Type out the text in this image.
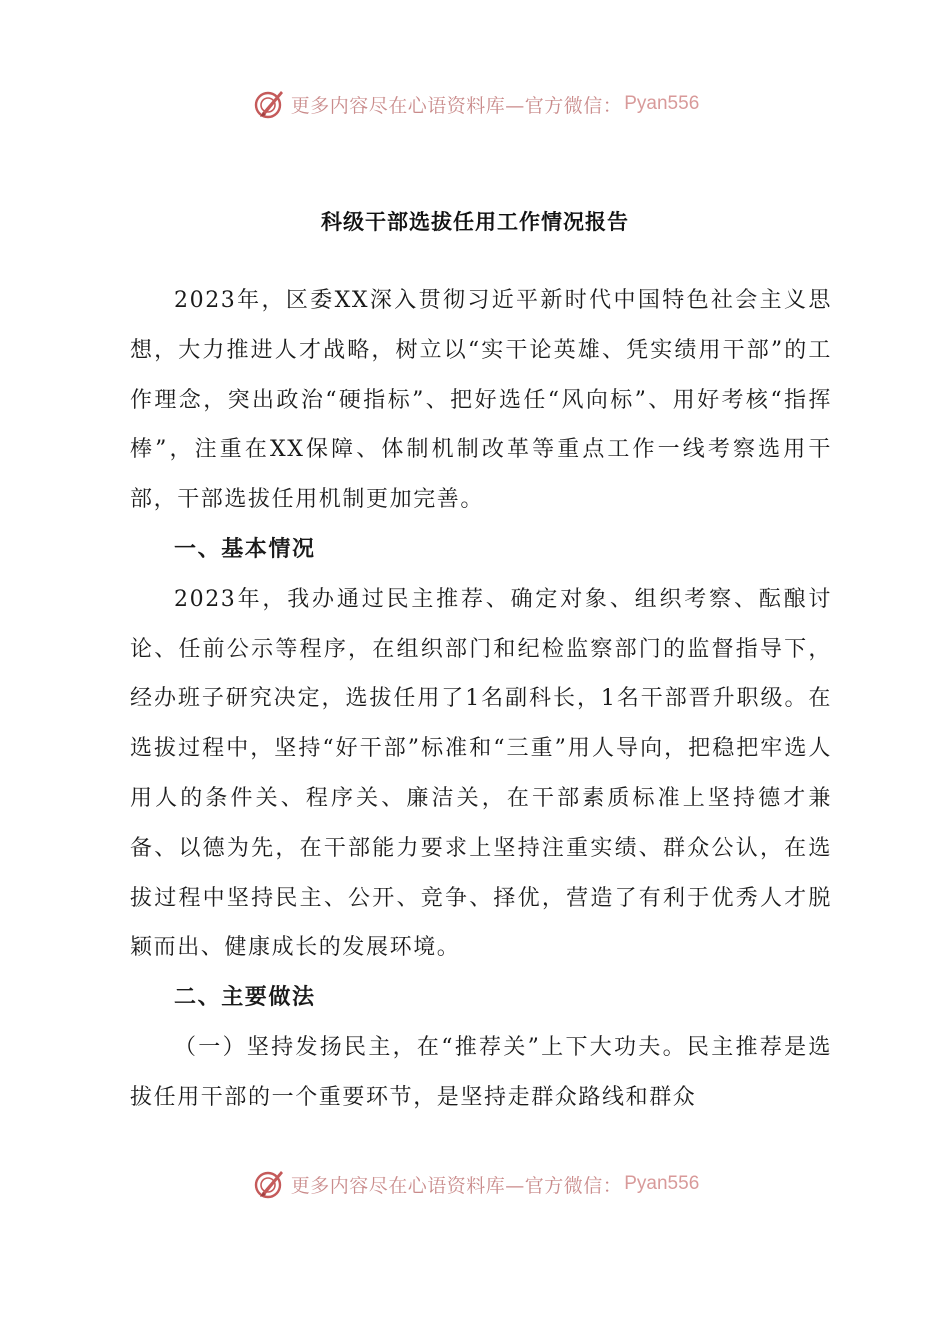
更多内容尽在心语资料库—官方微信： Pyan556
科级干部选拔任用工作情况报告

2023年，区委XX深入贯彻习近平新时代中国特色社会主义思想，大力推进人才战略，树立以“实干论英雄、凭实绩用干部”的工作理念，突出政治“硬指标”、把好选任“风向标”、用好考核“指挥棒”，注重在XX保障、体制机制改革等重点工作一线考察选用干部，干部选拔任用机制更加完善。

一、基本情况

2023年，我办通过民主推荐、确定对象、组织考察、酝酿讨论、任前公示等程序，在组织部门和纪检监察部门的监督指导下，经办班子研究决定，选拔任用了1名副科长，1名干部晋升职级。在选拔过程中，坚持“好干部”标准和“三重”用人导向，把稳把牢选人用人的条件关、程序关、廉洁关，在干部素质标准上坚持德才兼备、以德为先，在干部能力要求上坚持注重实绩、群众公认，在选拔过程中坚持民主、公开、竞争、择优，营造了有利于优秀人才脱颖而出、健康成长的发展环境。

二、主要做法

（一）坚持发扬民主，在“推荐关”上下大功夫。民主推荐是选拔任用干部的一个重要环节，是坚持走群众路线和群众

更多内容尽在心语资料库—官方微信： Pyan556
